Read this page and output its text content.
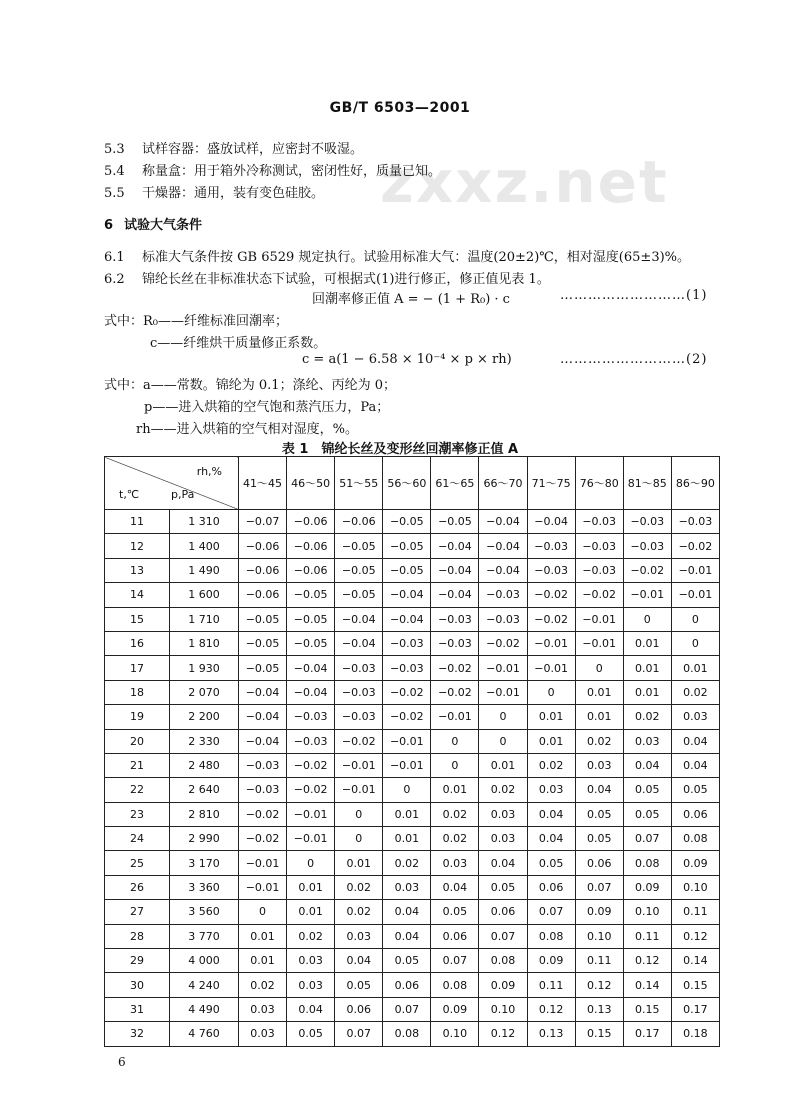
GB/T 6503—2001
zxxz.net
5.3 试样容器：盛放试样，应密封不吸湿。
5.4 称量盒：用于箱外冷称测试，密闭性好，质量已知。
5.5 干燥器：通用，装有变色硅胶。
6 试验大气条件
6.1 标准大气条件按 GB 6529 规定执行。试验用标准大气：温度(20±2)℃，相对湿度(65±3)%。
6.2 锦纶长丝在非标准状态下试验，可根据式(1)进行修正，修正值见表 1。
回潮率修正值 A = − (1 + R₀) · c	………………………(1)
式中：R₀——纤维标准回潮率；
c——纤维烘干质量修正系数。
c = a(1 − 6.58 × 10⁻⁴ × p × rh)	………………………(2)
式中：a——常数。锦纶为 0.1；涤纶、丙纶为 0；
p——进入烘箱的空气饱和蒸汽压力，Pa；
rh——进入烘箱的空气相对湿度，%。
表 1　锦纶长丝及变形丝回潮率修正值 A
rh,%
t,℃ p,Pa		41～45	46～50	51～55	56～60	61～65	66～70	71～75	76～80	81～85	86～90
11	1 310	−0.07	−0.06	−0.06	−0.05	−0.05	−0.04	−0.04	−0.03	−0.03	−0.03
12	1 400	−0.06	−0.06	−0.05	−0.05	−0.04	−0.04	−0.03	−0.03	−0.03	−0.02
13	1 490	−0.06	−0.06	−0.05	−0.05	−0.04	−0.04	−0.03	−0.03	−0.02	−0.01
14	1 600	−0.06	−0.05	−0.05	−0.04	−0.04	−0.03	−0.02	−0.02	−0.01	−0.01
15	1 710	−0.05	−0.05	−0.04	−0.04	−0.03	−0.03	−0.02	−0.01	0	0
16	1 810	−0.05	−0.05	−0.04	−0.03	−0.03	−0.02	−0.01	−0.01	0.01	0
17	1 930	−0.05	−0.04	−0.03	−0.03	−0.02	−0.01	−0.01	0	0.01	0.01
18	2 070	−0.04	−0.04	−0.03	−0.02	−0.02	−0.01	0	0.01	0.01	0.02
19	2 200	−0.04	−0.03	−0.03	−0.02	−0.01	0	0.01	0.01	0.02	0.03
20	2 330	−0.04	−0.03	−0.02	−0.01	0	0	0.01	0.02	0.03	0.04
21	2 480	−0.03	−0.02	−0.01	−0.01	0	0.01	0.02	0.03	0.04	0.04
22	2 640	−0.03	−0.02	−0.01	0	0.01	0.02	0.03	0.04	0.05	0.05
23	2 810	−0.02	−0.01	0	0.01	0.02	0.03	0.04	0.05	0.05	0.06
24	2 990	−0.02	−0.01	0	0.01	0.02	0.03	0.04	0.05	0.07	0.08
25	3 170	−0.01	0	0.01	0.02	0.03	0.04	0.05	0.06	0.08	0.09
26	3 360	−0.01	0.01	0.02	0.03	0.04	0.05	0.06	0.07	0.09	0.10
27	3 560	0	0.01	0.02	0.04	0.05	0.06	0.07	0.09	0.10	0.11
28	3 770	0.01	0.02	0.03	0.04	0.06	0.07	0.08	0.10	0.11	0.12
29	4 000	0.01	0.03	0.04	0.05	0.07	0.08	0.09	0.11	0.12	0.14
30	4 240	0.02	0.03	0.05	0.06	0.08	0.09	0.11	0.12	0.14	0.15
31	4 490	0.03	0.04	0.06	0.07	0.09	0.10	0.12	0.13	0.15	0.17
32	4 760	0.03	0.05	0.07	0.08	0.10	0.12	0.13	0.15	0.17	0.18
6
